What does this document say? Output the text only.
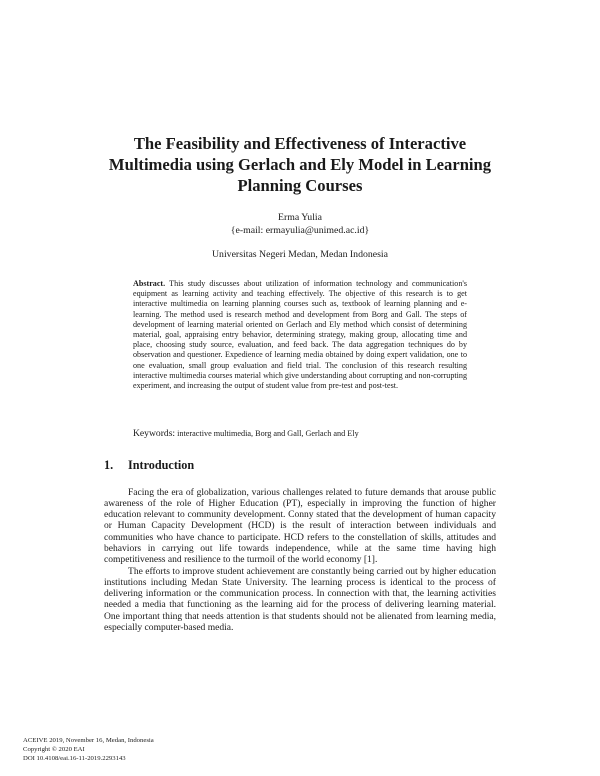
The Feasibility and Effectiveness of Interactive
Multimedia using Gerlach and Ely Model in Learning
Planning Courses
Erma Yulia
{e-mail: ermayulia@unimed.ac.id}
Universitas Negeri Medan, Medan Indonesia
Abstract. This study discusses about utilization of information technology and communication's equipment as learning activity and teaching effectively. The objective of this research is to get interactive multimedia on learning planning courses such as, textbook of learning planning and e-learning. The method used is research method and development from Borg and Gall. The steps of development of learning material oriented on Gerlach and Ely method which consist of determining material, goal, appraising entry behavior, determining strategy, making group, allocating time and place, choosing study source, evaluation, and feed back. The data aggregation techniques do by observation and questioner. Expedience of learning media obtained by doing expert validation, one to one evaluation, small group evaluation and field trial. The conclusion of this research resulting interactive multimedia courses material which give understanding about corrupting and non-corrupting experiment, and increasing the output of student value from pre-test and post-test.
Keywords: interactive multimedia, Borg and Gall, Gerlach and Ely
1. Introduction
Facing the era of globalization, various challenges related to future demands that arouse public awareness of the role of Higher Education (PT), especially in improving the function of higher education relevant to community development. Conny stated that the development of human capacity or Human Capacity Development (HCD) is the result of interaction between individuals and communities who have chance to participate. HCD refers to the constellation of skills, attitudes and behaviors in carrying out life towards independence, while at the same time having high competitiveness and resilience to the turmoil of the world economy [1].
The efforts to improve student achievement are constantly being carried out by higher education institutions including Medan State University. The learning process is identical to the process of delivering information or the communication process. In connection with that, the learning activities needed a media that functioning as the learning aid for the process of delivering learning material. One important thing that needs attention is that students should not be alienated from learning media, especially computer-based media.
ACEIVE 2019, November 16, Medan, Indonesia
Copyright © 2020 EAI
DOI 10.4108/eai.16-11-2019.2293143
